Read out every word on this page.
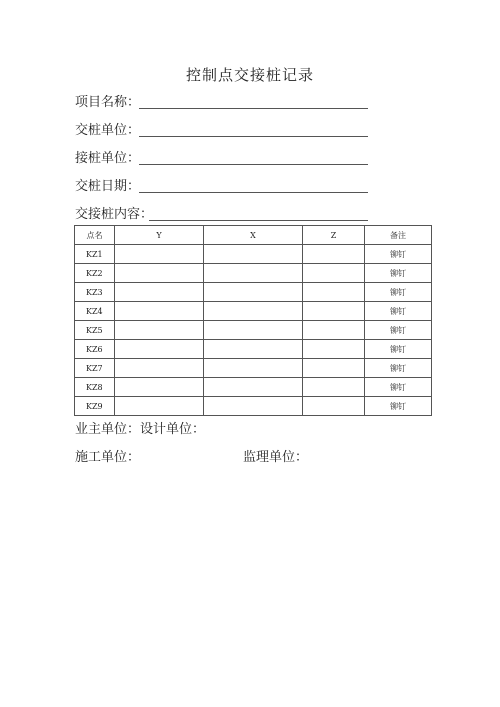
控制点交接桩记录
项目名称：
交桩单位：
接桩单位：
交桩日期：
交接桩内容：
点名	Y	X	Z	备注
KZ1				铆钉
KZ2				铆钉
KZ3				铆钉
KZ4				铆钉
KZ5				铆钉
KZ6				铆钉
KZ7				铆钉
KZ8				铆钉
KZ9				铆钉
业主单位：设计单位：
施工单位：	监理单位：
